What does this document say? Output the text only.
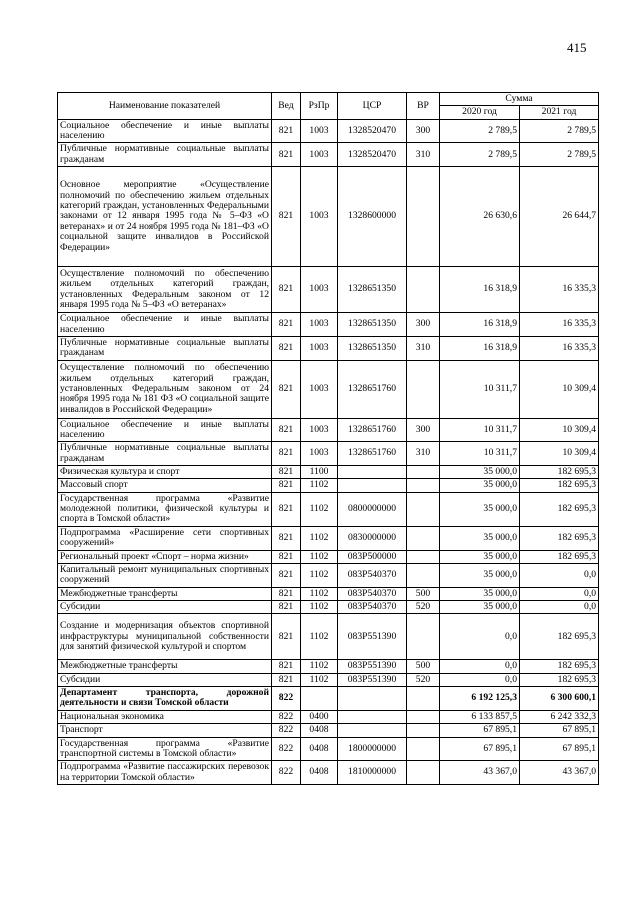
415
Наименование показателей	Вед	РзПр	ЦСР	ВР	Сумма	
					2020 год	2021 год
Социальное обеспечение и иные выплаты населению	821	1003	1328520470	300	2 789,5	2 789,5
Публичные нормативные социальные выплаты гражданам	821	1003	1328520470	310	2 789,5	2 789,5
Основное мероприятие «Осуществление полномочий по обеспечению жильем отдельных категорий граждан, установленных Федеральными законами от 12 января 1995 года № 5–ФЗ «О ветеранах» и от 24 ноября 1995 года № 181–ФЗ «О социальной защите инвалидов в Российской Федерации»	821	1003	1328600000		26 630,6	26 644,7
Осуществление полномочий по обеспечению жильем отдельных категорий граждан, установленных Федеральным законом от 12 января 1995 года № 5–ФЗ «О ветеранах»	821	1003	1328651350		16 318,9	16 335,3
Социальное обеспечение и иные выплаты населению	821	1003	1328651350	300	16 318,9	16 335,3
Публичные нормативные социальные выплаты гражданам	821	1003	1328651350	310	16 318,9	16 335,3
Осуществление полномочий по обеспечению жильем отдельных категорий граждан, установленных Федеральным законом от 24 ноября 1995 года № 181 ФЗ «О социальной защите инвалидов в Российской Федерации»	821	1003	1328651760		10 311,7	10 309,4
Социальное обеспечение и иные выплаты населению	821	1003	1328651760	300	10 311,7	10 309,4
Публичные нормативные социальные выплаты гражданам	821	1003	1328651760	310	10 311,7	10 309,4
Физическая культура и спорт	821	1100			35 000,0	182 695,3
Массовый спорт	821	1102			35 000,0	182 695,3
Государственная программа «Развитие молодежной политики, физической культуры и спорта в Томской области»	821	1102	0800000000		35 000,0	182 695,3
Подпрограмма «Расширение сети спортивных сооружений»	821	1102	0830000000		35 000,0	182 695,3
Региональный проект «Спорт – норма жизни»	821	1102	083P500000		35 000,0	182 695,3
Капитальный ремонт муниципальных спортивных сооружений	821	1102	083P540370		35 000,0	0,0
Межбюджетные трансферты	821	1102	083P540370	500	35 000,0	0,0
Субсидии	821	1102	083P540370	520	35 000,0	0,0
Создание и модернизация объектов спортивной инфраструктуры муниципальной собственности для занятий физической культурой и спортом	821	1102	083P551390		0,0	182 695,3
Межбюджетные трансферты	821	1102	083P551390	500	0,0	182 695,3
Субсидии	821	1102	083P551390	520	0,0	182 695,3
Департамент транспорта, дорожной деятельности и связи Томской области	822				6 192 125,3	6 300 600,1
Национальная экономика	822	0400			6 133 857,5	6 242 332,3
Транспорт	822	0408			67 895,1	67 895,1
Государственная программа «Развитие транспортной системы в Томской области»	822	0408	1800000000		67 895,1	67 895,1
Подпрограмма «Развитие пассажирских перевозок на территории Томской области»	822	0408	1810000000		43 367,0	43 367,0
